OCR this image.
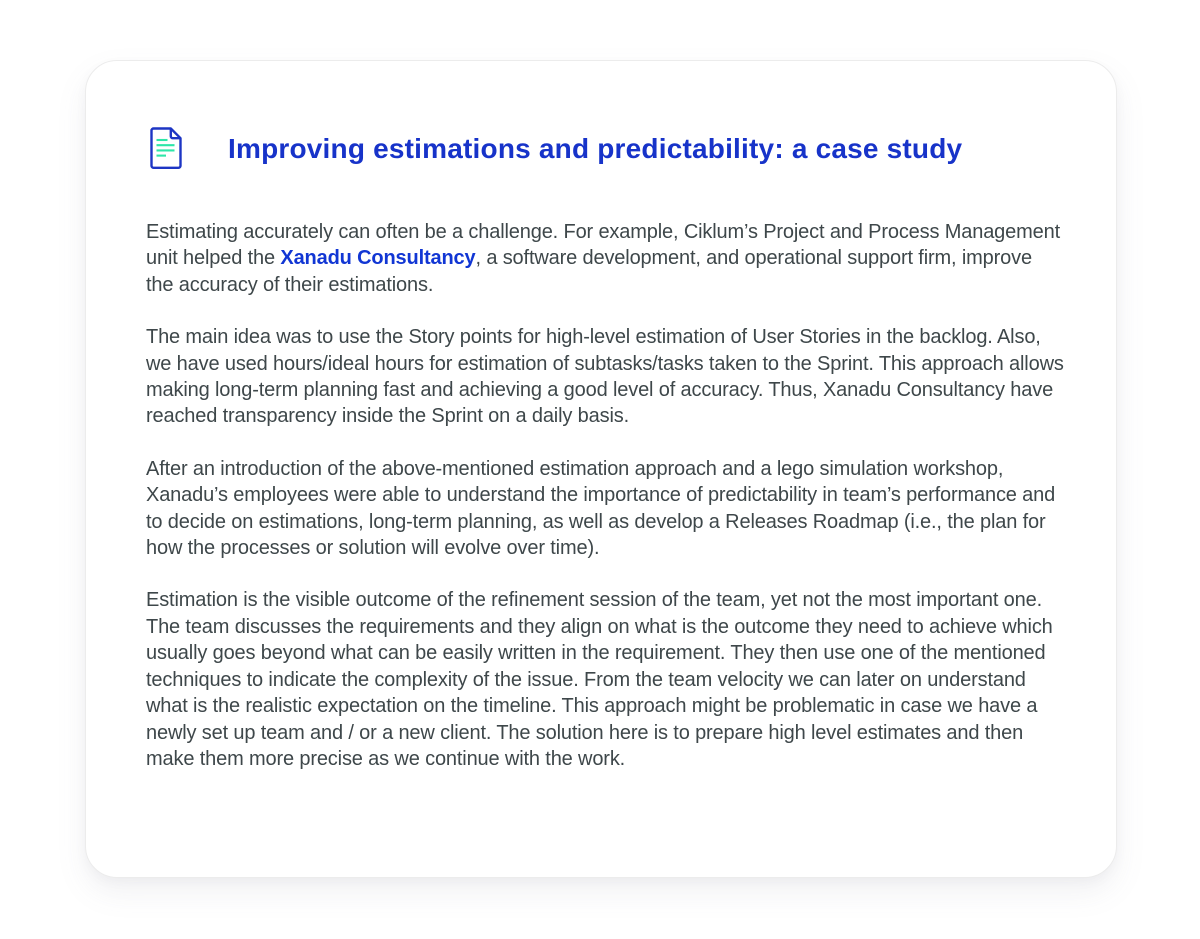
Improving estimations and predictability: a case study

Estimating accurately can often be a challenge. For example, Ciklum’s Project and Process Management unit helped the Xanadu Consultancy, a software development, and operational support firm, improve the accuracy of their estimations.

The main idea was to use the Story points for high-level estimation of User Stories in the backlog. Also, we have used hours/ideal hours for estimation of subtasks/tasks taken to the Sprint. This approach allows making long-term planning fast and achieving a good level of accuracy. Thus, Xanadu Consultancy have reached transparency inside the Sprint on a daily basis.

After an introduction of the above-mentioned estimation approach and a lego simulation workshop, Xanadu’s employees were able to understand the importance of predictability in team’s performance and to decide on estimations, long-term planning, as well as develop a Releases Roadmap (i.e., the plan for how the processes or solution will evolve over time).

Estimation is the visible outcome of the refinement session of the team, yet not the most important one. The team discusses the requirements and they align on what is the outcome they need to achieve which usually goes beyond what can be easily written in the requirement. They then use one of the mentioned techniques to indicate the complexity of the issue. From the team velocity we can later on understand what is the realistic expectation on the timeline. This approach might be problematic in case we have a newly set up team and / or a new client. The solution here is to prepare high level estimates and then make them more precise as we continue with the work.
